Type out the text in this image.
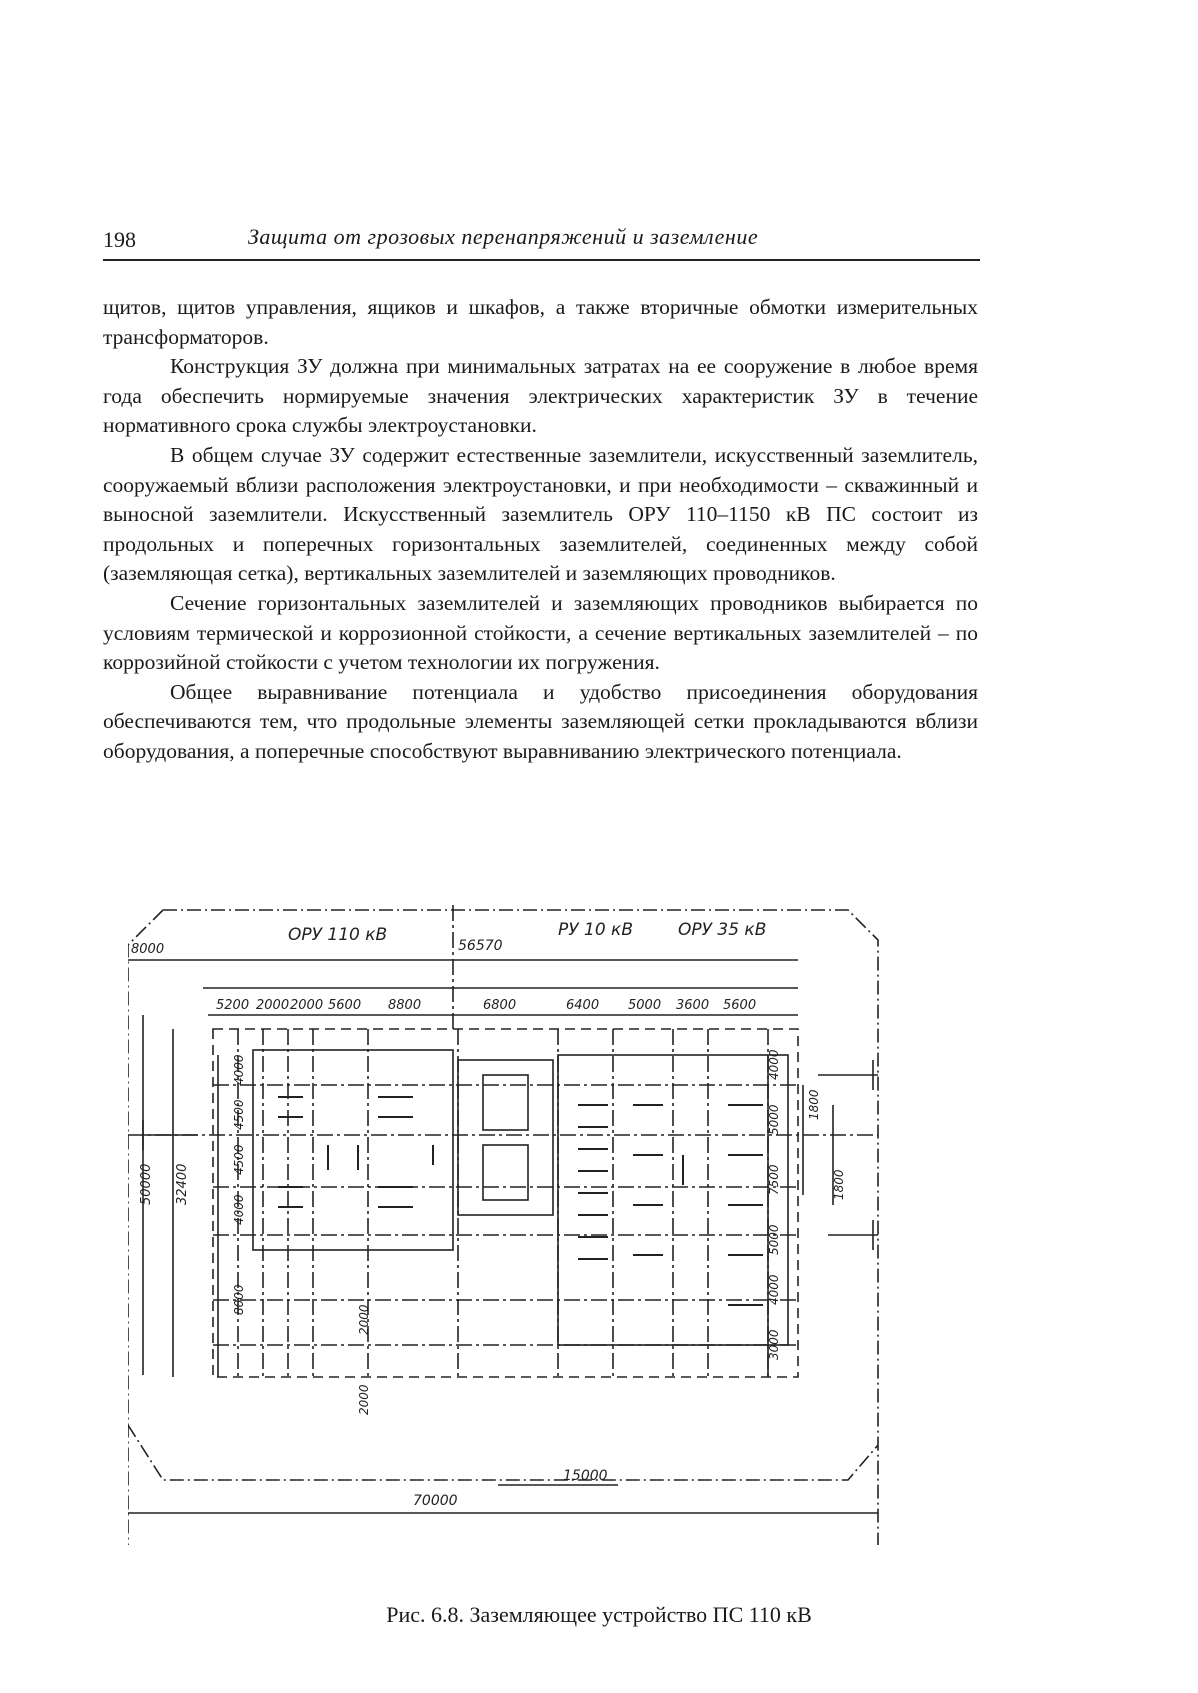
198	Защита от грозовых перенапряжений и заземление

щитов, щитов управления, ящиков и шкафов, а также вторичные обмотки измерительных трансформаторов.

Конструкция ЗУ должна при минимальных затратах на ее сооружение в любое время года обеспечить нормируемые значения электрических характеристик ЗУ в течение нормативного срока службы электроустановки.

В общем случае ЗУ содержит естественные заземлители, искусственный заземлитель, сооружаемый вблизи расположения электроустановки, и при необходимости – скважинный и выносной заземлители. Искусственный заземлитель ОРУ 110–1150 кВ ПС состоит из продольных и поперечных горизонтальных заземлителей, соединенных между собой (заземляющая сетка), вертикальных заземлителей и заземляющих проводников.

Сечение горизонтальных заземлителей и заземляющих проводников выбирается по условиям термической и коррозионной стойкости, а сечение вертикальных заземлителей – по коррозийной стойкости с учетом технологии их погружения.

Общее выравнивание потенциала и удобство присоединения оборудования обеспечиваются тем, что продольные элементы заземляющей сетки прокладываются вблизи оборудования, а поперечные способствуют выравниванию электрического потенциала.

ОРУ 110 кВ	РУ 10 кВ	ОРУ 35 кВ
8000	56570
5200 2000 2000 5600 8800	6800	6400 5000 3600 5600
50000 32400
4000
4500
4500
4000
8000
2000
2000
4000
5000
7500
5000
4000
3000
1800
1800
70000
15000
Рис. 6.8. Заземляющее устройство ПС 110 кВ
